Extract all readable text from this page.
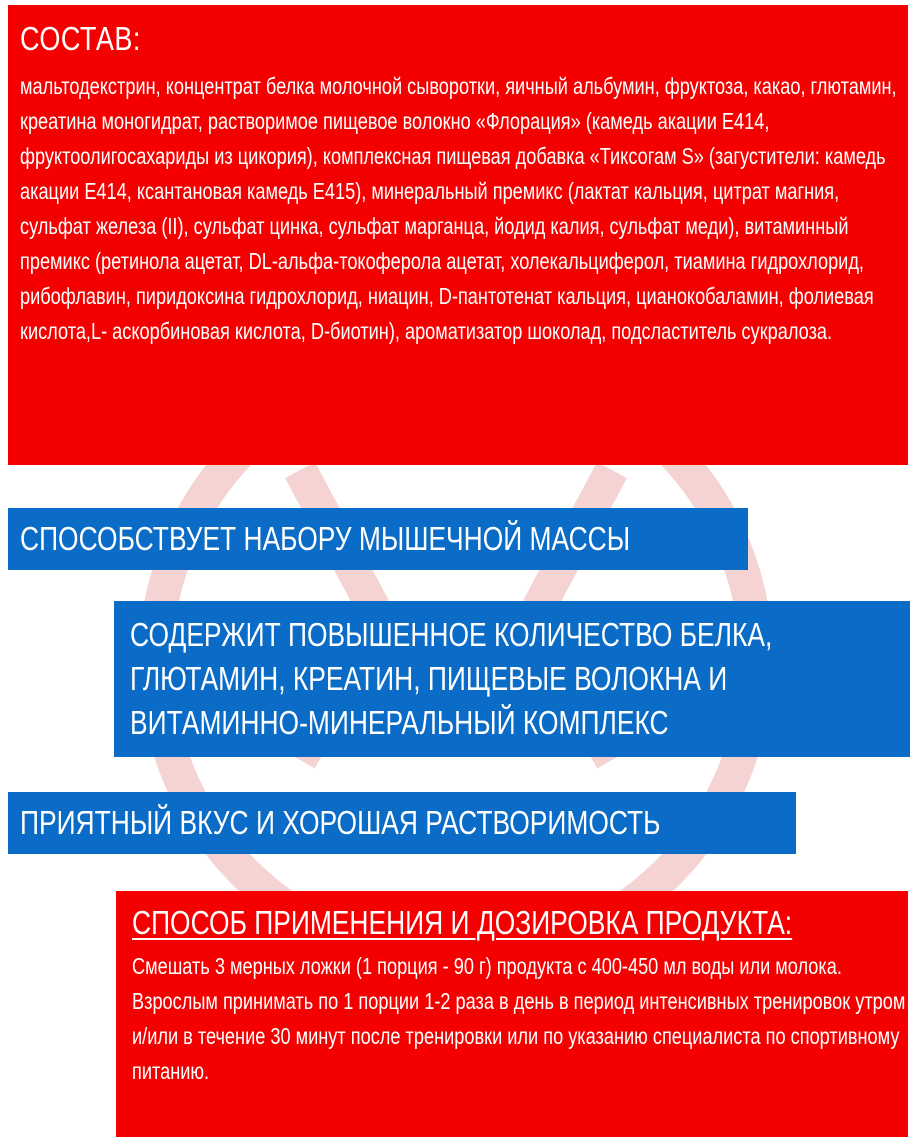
СОСТАВ:
мальтодекстрин, концентрат белка молочной сыворотки, яичный альбумин, фруктоза, какао, глютамин, креатина моногидрат, растворимое пищевое волокно «Флорация» (камедь акации Е414, фруктоолигосахариды из цикория), комплексная пищевая добавка «Тиксогам S» (загустители: камедь акации Е414, ксантановая камедь Е415), минеральный премикс (лактат кальция, цитрат магния, сульфат железа (II), сульфат цинка, сульфат марганца, йодид калия, сульфат меди), витаминный премикс (ретинола ацетат, DL-альфа-токоферола ацетат, холекальциферол, тиамина гидрохлорид, рибофлавин, пиридоксина гидрохлорид, ниацин, D-пантотенат кальция, цианокобаламин, фолиевая кислота,L- аскорбиновая кислота, D-биотин), ароматизатор шоколад, подсластитель сукралоза.
СПОСОБСТВУЕТ НАБОРУ МЫШЕЧНОЙ МАССЫ
СОДЕРЖИТ ПОВЫШЕННОЕ КОЛИЧЕСТВО БЕЛКА,
ГЛЮТАМИН, КРЕАТИН, ПИЩЕВЫЕ ВОЛОКНА И
ВИТАМИННО-МИНЕРАЛЬНЫЙ КОМПЛЕКС
ПРИЯТНЫЙ ВКУС И ХОРОШАЯ РАСТВОРИМОСТЬ
СПОСОБ ПРИМЕНЕНИЯ И ДОЗИРОВКА ПРОДУКТА:
Смешать 3 мерных ложки (1 порция - 90 г) продукта с 400-450 мл воды или молока. Взрослым принимать по 1 порции 1-2 раза в день в период интенсивных тренировок утром и/или в течение 30 минут после тренировки или по указанию специалиста по спортивному питанию.
